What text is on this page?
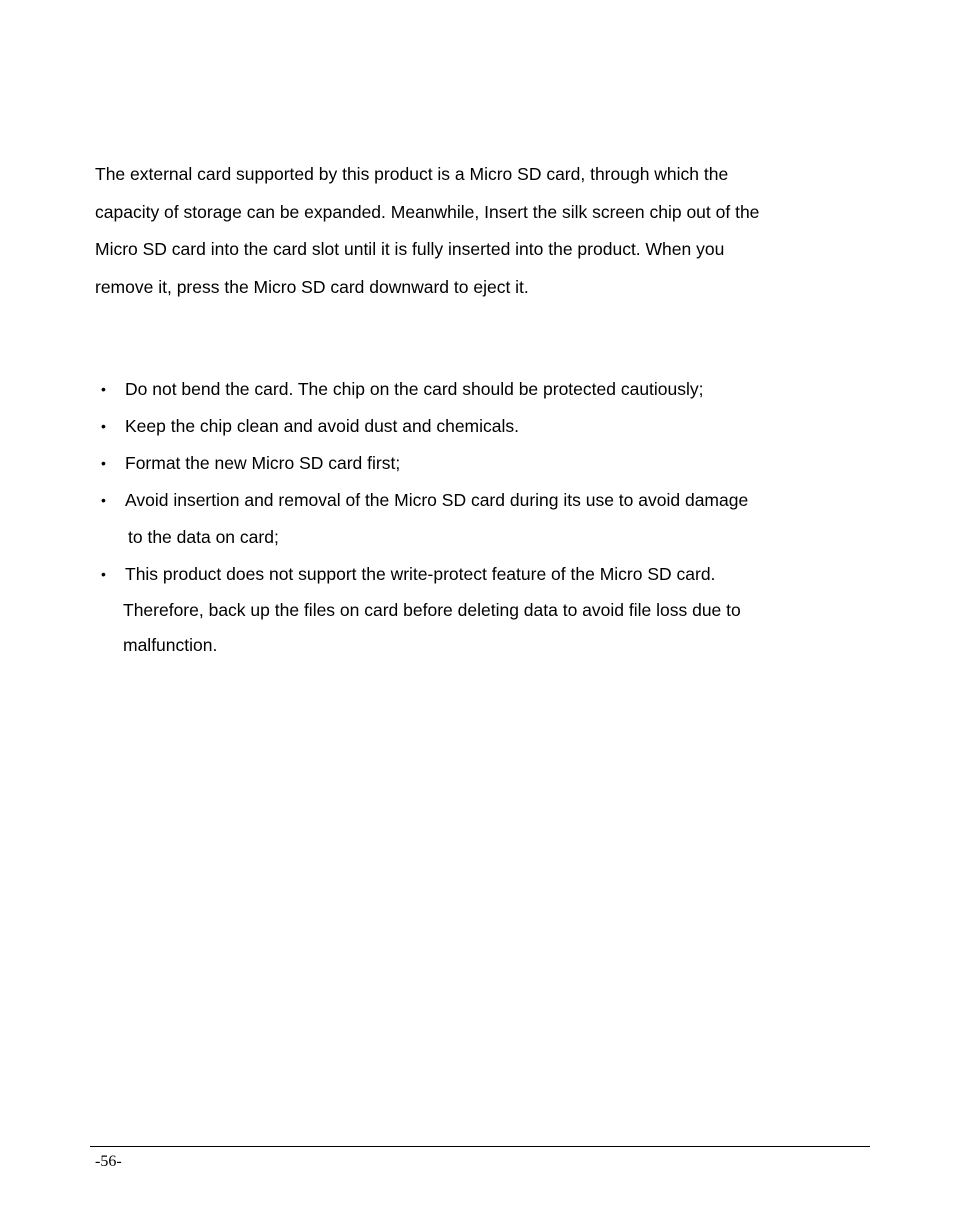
The external card supported by this product is a Micro SD card, through which the
capacity of storage can be expanded. Meanwhile, Insert the silk screen chip out of the
Micro SD card into the card slot until it is fully inserted into the product. When you
remove it, press the Micro SD card downward to eject it.

• Do not bend the card. The chip on the card should be protected cautiously;
• Keep the chip clean and avoid dust and chemicals.
• Format the new Micro SD card first;
• Avoid insertion and removal of the Micro SD card during its use to avoid damage
to the data on card;
• This product does not support the write-protect feature of the Micro SD card.
Therefore, back up the files on card before deleting data to avoid file loss due to
malfunction.
-56-
